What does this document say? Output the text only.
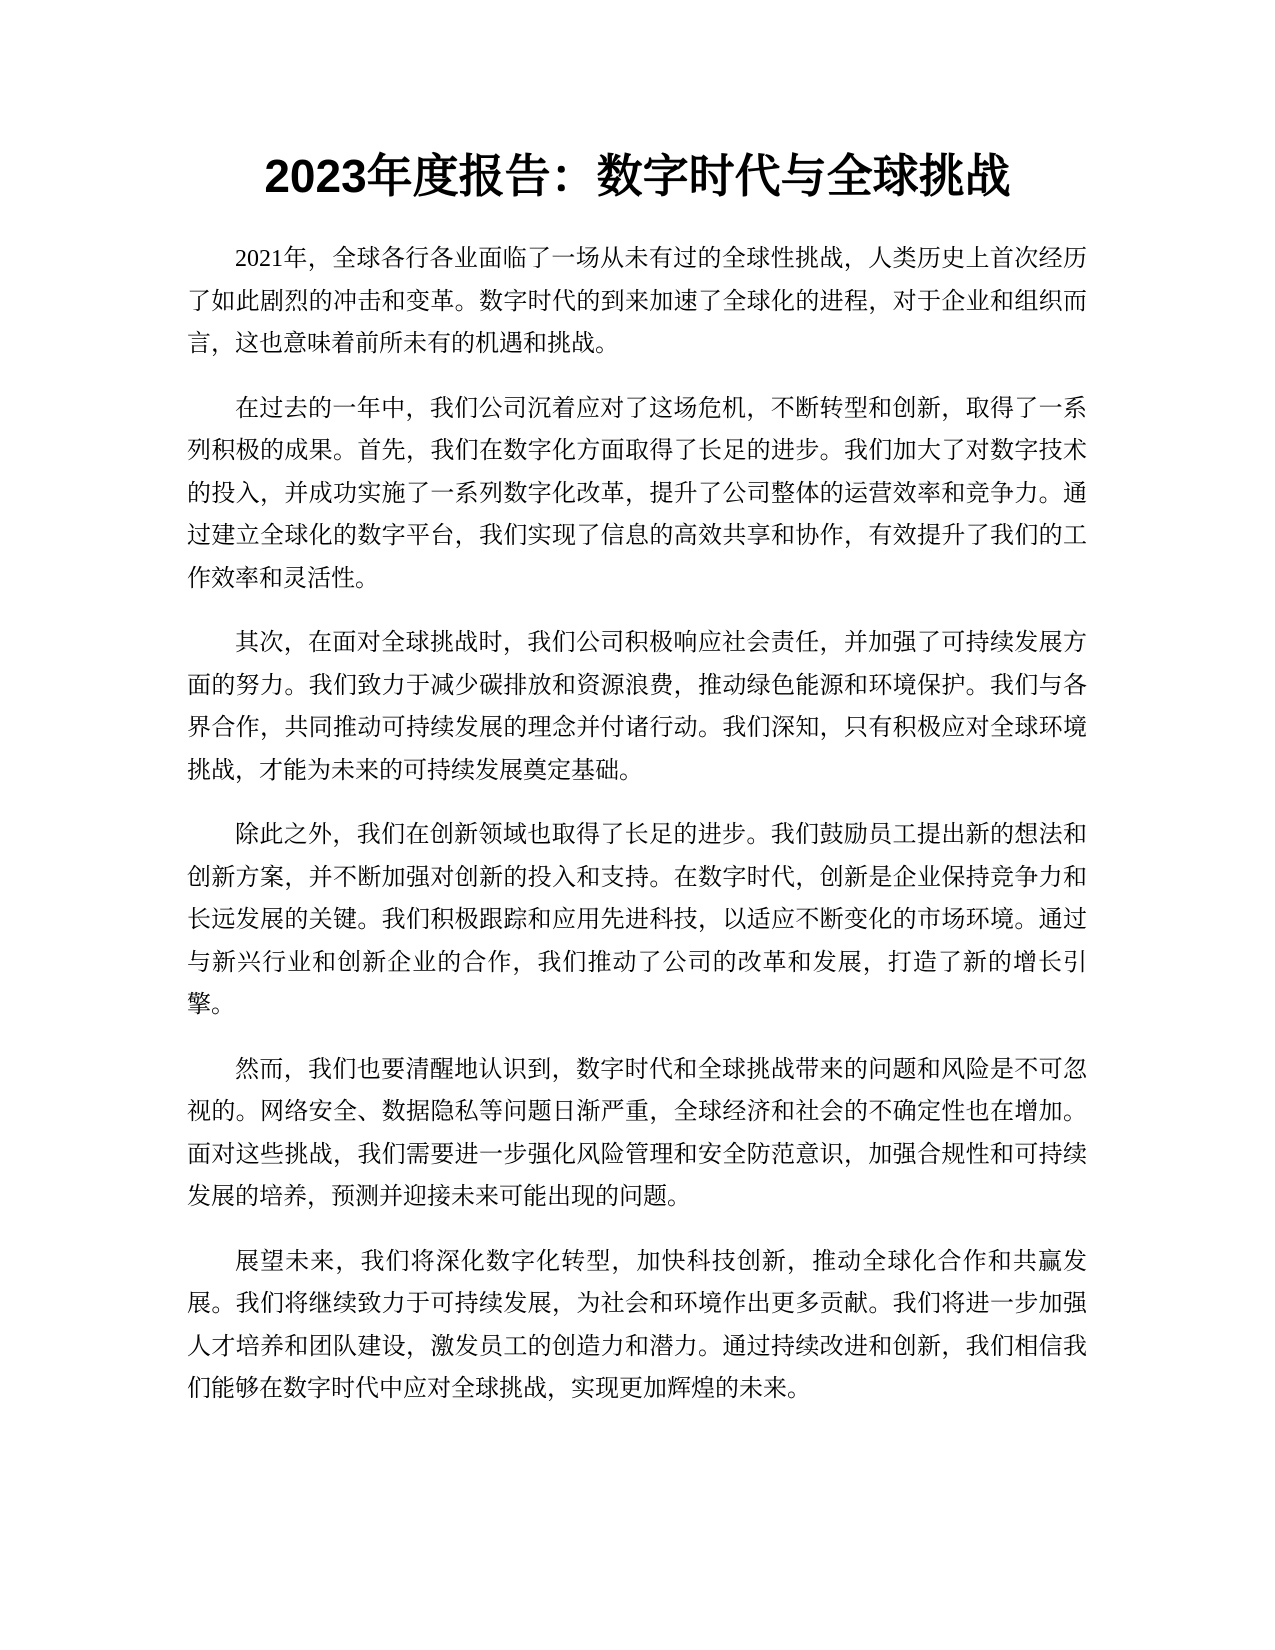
2023年度报告：数字时代与全球挑战

2021年，全球各行各业面临了一场从未有过的全球性挑战，人类历史上首次经历了如此剧烈的冲击和变革。数字时代的到来加速了全球化的进程，对于企业和组织而言，这也意味着前所未有的机遇和挑战。

在过去的一年中，我们公司沉着应对了这场危机，不断转型和创新，取得了一系列积极的成果。首先，我们在数字化方面取得了长足的进步。我们加大了对数字技术的投入，并成功实施了一系列数字化改革，提升了公司整体的运营效率和竞争力。通过建立全球化的数字平台，我们实现了信息的高效共享和协作，有效提升了我们的工作效率和灵活性。

其次，在面对全球挑战时，我们公司积极响应社会责任，并加强了可持续发展方面的努力。我们致力于减少碳排放和资源浪费，推动绿色能源和环境保护。我们与各界合作，共同推动可持续发展的理念并付诸行动。我们深知，只有积极应对全球环境挑战，才能为未来的可持续发展奠定基础。

除此之外，我们在创新领域也取得了长足的进步。我们鼓励员工提出新的想法和创新方案，并不断加强对创新的投入和支持。在数字时代，创新是企业保持竞争力和长远发展的关键。我们积极跟踪和应用先进科技，以适应不断变化的市场环境。通过与新兴行业和创新企业的合作，我们推动了公司的改革和发展，打造了新的增长引擎。

然而，我们也要清醒地认识到，数字时代和全球挑战带来的问题和风险是不可忽视的。网络安全、数据隐私等问题日渐严重，全球经济和社会的不确定性也在增加。面对这些挑战，我们需要进一步强化风险管理和安全防范意识，加强合规性和可持续发展的培养，预测并迎接未来可能出现的问题。

展望未来，我们将深化数字化转型，加快科技创新，推动全球化合作和共赢发展。我们将继续致力于可持续发展，为社会和环境作出更多贡献。我们将进一步加强人才培养和团队建设，激发员工的创造力和潜力。通过持续改进和创新，我们相信我们能够在数字时代中应对全球挑战，实现更加辉煌的未来。
